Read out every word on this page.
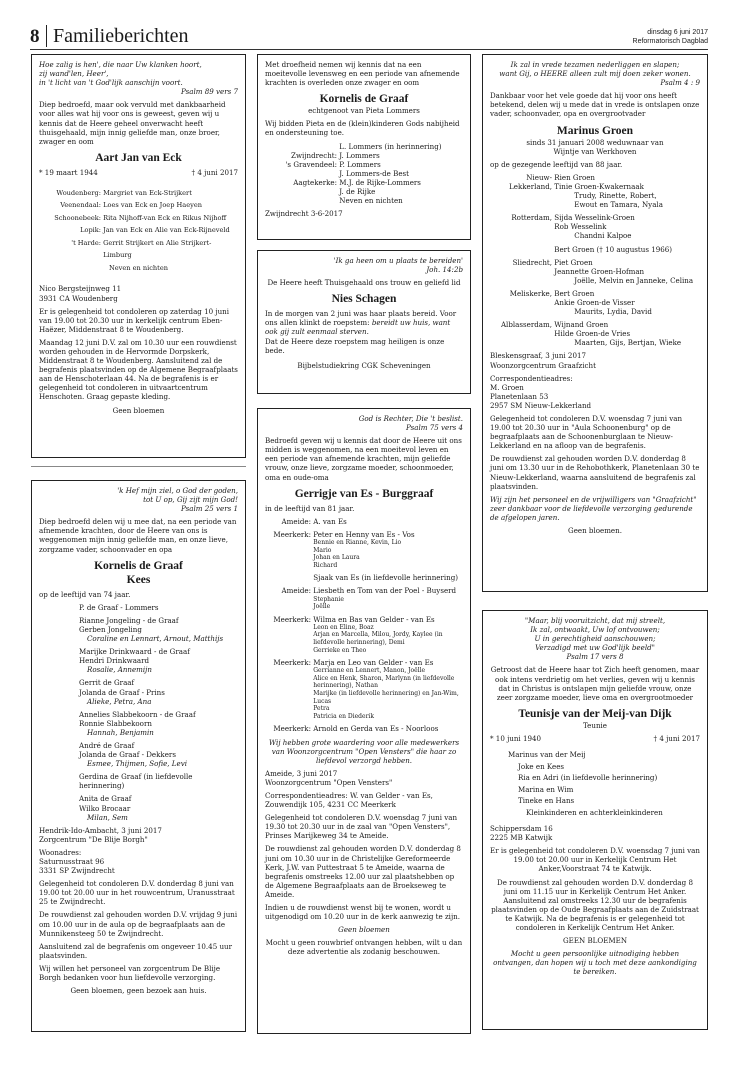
8 Familieberichten	dinsdag 6 juni 2017
Reformatorisch Dagblad
Hoe zalig is hen', die naar Uw klanken hoort,
zij wand'len, Heer',
in 't licht van 't God'lijk aanschijn voort.

Psalm 89 vers 7

Diep bedroefd, maar ook vervuld met dankbaarheid voor alles wat hij voor ons is geweest, geven wij u kennis dat de Heere geheel onverwacht heeft thuisgehaald, mijn innig geliefde man, onze broer, zwager en oom

Aart Jan van Eck
* 19 maart 1944	† 4 juni 2017
Woudenberg:
Margriet van Eck-Strijkert
Veenendaal:
Loes van Eck en Joep Haeyen
Schoonebeek:
Rita Nijhoff-van Eck en Rikus Nijhoff
Lopik:
Jan van Eck en Alie van Eck-Rijneveld
't Harde:
Gerrit Strijkert en Alie Strijkert-Limburg
Neven en nichten

Nico Bergsteijnweg 11
3931 CA Woudenberg

Er is gelegenheid tot condoleren op zaterdag 10 juni van 19.00 tot 20.30 uur in kerkelijk centrum Eben-Haëzer, Middenstraat 8 te Woudenberg.

Maandag 12 juni D.V. zal om 10.30 uur een rouwdienst worden gehouden in de Hervormde Dorpskerk, Middenstraat 8 te Woudenberg. Aansluitend zal de begrafenis plaatsvinden op de Algemene Begraafplaats aan de Henschoterlaan 44. Na de begrafenis is er gelegenheid tot condoleren in uitvaartcentrum Henschoten. Graag gepaste kleding.

Geen bloemen

'k Hef mijn ziel, o God der goden,
tot U op, Gij zijt mijn God!

Psalm 25 vers 1

Diep bedroefd delen wij u mee dat, na een periode van afnemende krachten, door de Heere van ons is weggenomen mijn innig geliefde man, en onze lieve, zorgzame vader, schoonvader en opa

Kornelis de Graaf
Kees

op de leeftijd van 74 jaar.

P. de Graaf - Lommers

Rianne Jongeling - de Graaf
Gerben Jongeling
Coraline en Lennart, Arnout, Matthijs

Marijke Drinkwaard - de Graaf
Hendri Drinkwaard
Rosalie, Annemijn

Gerrit de Graaf
Jolanda de Graaf - Prins
Alieke, Petra, Ana

Annelies Slabbekoorn - de Graaf
Ronnie Slabbekoorn
Hannah, Benjamin

André de Graaf
Jolanda de Graaf - Dekkers
Esmee, Thijmen, Sofie, Levi

Gerdina de Graaf (in liefdevolle herinnering)

Anita de Graaf
Wilko Brocaar
Milan, Sem

Hendrik-Ido-Ambacht, 3 juni 2017
Zorgcentrum "De Blije Borgh"

Woonadres:
Saturnusstraat 96
3331 SP Zwijndrecht

Gelegenheid tot condoleren D.V. donderdag 8 juni van 19.00 tot 20.00 uur in het rouwcentrum, Uranusstraat 25 te Zwijndrecht.

De rouwdienst zal gehouden worden D.V. vrijdag 9 juni om 10.00 uur in de aula op de begraafplaats aan de Munnikensteeg 50 te Zwijndrecht.

Aansluitend zal de begrafenis om ongeveer 10.45 uur plaatsvinden.

Wij willen het personeel van zorgcentrum De Blije Borgh bedanken voor hun liefdevolle verzorging.

Geen bloemen, geen bezoek aan huis.

Met droefheid nemen wij kennis dat na een moeitevolle levensweg en een periode van afnemende krachten is overleden onze zwager en oom

Kornelis de Graaf

echtgenoot van Pieta Lommers

Wij bidden Pieta en de (klein)kinderen Gods nabijheid en ondersteuning toe.

L. Lommers (in herinnering)
Zwijndrecht:
J. Lommers
's Gravendeel:
P. Lommers
J. Lommers-de Best
Aagtekerke:
M.J. de Rijke-Lommers
J. de Rijke

Neven en nichten

Zwijndrecht 3-6-2017

'Ik ga heen om u plaats te bereiden'

Joh. 14:2b

De Heere heeft Thuisgehaald ons trouw en geliefd lid

Nies Schagen

In de morgen van 2 juni was haar plaats bereid. Voor ons allen klinkt de roepstem: bereidt uw huis, want ook gij zult eenmaal sterven.
Dat de Heere deze roepstem mag heiligen is onze bede.

Bijbelstudiekring CGK Scheveningen

God is Rechter, Die 't beslist.

Psalm 75 vers 4

Bedroefd geven wij u kennis dat door de Heere uit ons midden is weggenomen, na een moeitevol leven en een periode van afnemende krachten, mijn geliefde vrouw, onze lieve, zorgzame moeder, schoonmoeder, oma en oude-oma

Gerrigje van Es - Burggraaf

in de leeftijd van 81 jaar.

Ameide:
A. van Es
Meerkerk:
Peter en Henny van Es - Vos
Bennie en Rianne, Kevin, Lio
Mario
Johan en Laura
Richard

Sjaak van Es (in liefdevolle herinnering)
Ameide:
Liesbeth en Tom van der Poel - Buyserd
Stephanie
Joëlle
Meerkerk:
Wilma en Bas van Gelder - van Es
Leon en Eline, Boaz
Arjan en Marcella, Milou, Jordy, Kaylee (in liefdevolle herinnering), Demi
Gerrieke en Theo
Meerkerk:
Marja en Leo van Gelder - van Es
Gerrianne en Lennert, Manon, Joëlle
Alice en Henk, Sharon, Marlynn (in liefdevolle herinnering), Nathan
Marijke (in liefdevolle herinnering) en Jan-Wim, Lucas
Petra
Patricia en Diederik
Meerkerk:
Arnold en Gerda van Es - Noorloos

Wij hebben grote waardering voor alle medewerkers van Woonzorgcentrum "Open Vensters" die haar zo liefdevol verzorgd hebben.

Ameide, 3 juni 2017
Woonzorgcentrum "Open Vensters"

Correspondentieadres: W. van Gelder - van Es,
Zouwendijk 105, 4231 CC Meerkerk

Gelegenheid tot condoleren D.V. woensdag 7 juni van 19.30 tot 20.30 uur in de zaal van "Open Vensters", Prinses Marijkeweg 34 te Ameide.

De rouwdienst zal gehouden worden D.V. donderdag 8 juni om 10.30 uur in de Christelijke Gereformeerde Kerk, J.W. van Puttestraat 5 te Ameide, waarna de begrafenis omstreeks 12.00 uur zal plaatshebben op de Algemene Begraafplaats aan de Broekseweg te Ameide.

Indien u de rouwdienst wenst bij te wonen, wordt u uitgenodigd om 10.20 uur in de kerk aanwezig te zijn.

Geen bloemen

Mocht u geen rouwbrief ontvangen hebben, wilt u dan deze advertentie als zodanig beschouwen.

Ik zal in vrede tezamen nederliggen en slapen;
want Gij, o HEERE alleen zult mij doen zeker wonen.

Psalm 4 : 9

Dankbaar voor het vele goede dat hij voor ons heeft betekend, delen wij u mede dat in vrede is ontslapen onze vader, schoonvader, opa en overgrootvader

Marinus Groen

sinds 31 januari 2008 weduwnaar van
Wijntje van Werkhoven

op de gezegende leeftijd van 88 jaar.

Nieuw-Lekkerland,

Rien Groen
Tinie Groen-Kwakernaak
Trudy, Rinette, Robert,
Ewout en Tamara, Nyala
Rotterdam,
Sijda Wesselink-Groen
Rob Wesselink
Chandni Kalpoe

Bert Groen († 10 augustus 1966)
Sliedrecht,
Piet Groen
Jeannette Groen-Hofman
Joëlle, Melvin en Janneke, Celina
Meliskerke,
Bert Groen
Ankie Groen-de Visser
Maurits, Lydia, David
Alblasserdam,
Wijnand Groen
Hilde Groen-de Vries
Maarten, Gijs, Bertjan, Wieke

Bleskensgraaf, 3 juni 2017
Woonzorgcentrum Graafzicht

Correspondentieadres:
M. Groen
Planetenlaan 53
2957 SM Nieuw-Lekkerland

Gelegenheid tot condoleren D.V. woensdag 7 juni van 19.00 tot 20.30 uur in "Aula Schoonenburg" op de begraafplaats aan de Schoonenburglaan te Nieuw-Lekkerland en na afloop van de begrafenis.

De rouwdienst zal gehouden worden D.V. donderdag 8 juni om 13.30 uur in de Rehobothkerk, Planetenlaan 30 te Nieuw-Lekkerland, waarna aansluitend de begrafenis zal plaatsvinden.

Wij zijn het personeel en de vrijwilligers van "Graafzicht" zeer dankbaar voor de liefdevolle verzorging gedurende de afgelopen jaren.

Geen bloemen.

"Maar, blij vooruitzicht, dat mij streelt,
Ik zal, ontwaakt, Uw lof ontvouwen;
U in gerechtigheid aanschouwen;
Verzadigd met uw God'lijk beeld"
Psalm 17 vers 8

Getroost dat de Heere haar tot Zich heeft genomen, maar ook intens verdrietig om het verlies, geven wij u kennis dat in Christus is ontslapen mijn geliefde vrouw, onze zeer zorgzame moeder, lieve oma en overgrootmoeder

Teunisje van der Meij-van Dijk

Teunie

* 10 juni 1940	† 4 juni 2017
Marinus van der Meij
Joke en Kees
Ria en Adri (in liefdevolle herinnering)
Marina en Wim
Tineke en Hans
Kleinkinderen en achterkleinkinderen

Schippersdam 16
2225 MB Katwijk

Er is gelegenheid tot condoleren D.V. woensdag 7 juni van 19.00 tot 20.00 uur in Kerkelijk Centrum Het Anker,Voorstraat 74 te Katwijk.

De rouwdienst zal gehouden worden D.V. donderdag 8 juni om 11.15 uur in Kerkelijk Centrum Het Anker. Aansluitend zal omstreeks 12.30 uur de begrafenis plaatsvinden op de Oude Begraafplaats aan de Zuidstraat te Katwijk. Na de begrafenis is er gelegenheid tot condoleren in Kerkelijk Centrum Het Anker.

GEEN BLOEMEN

Mocht u geen persoonlijke uitnodiging hebben ontvangen, dan hopen wij u toch met deze aankondiging te bereiken.
